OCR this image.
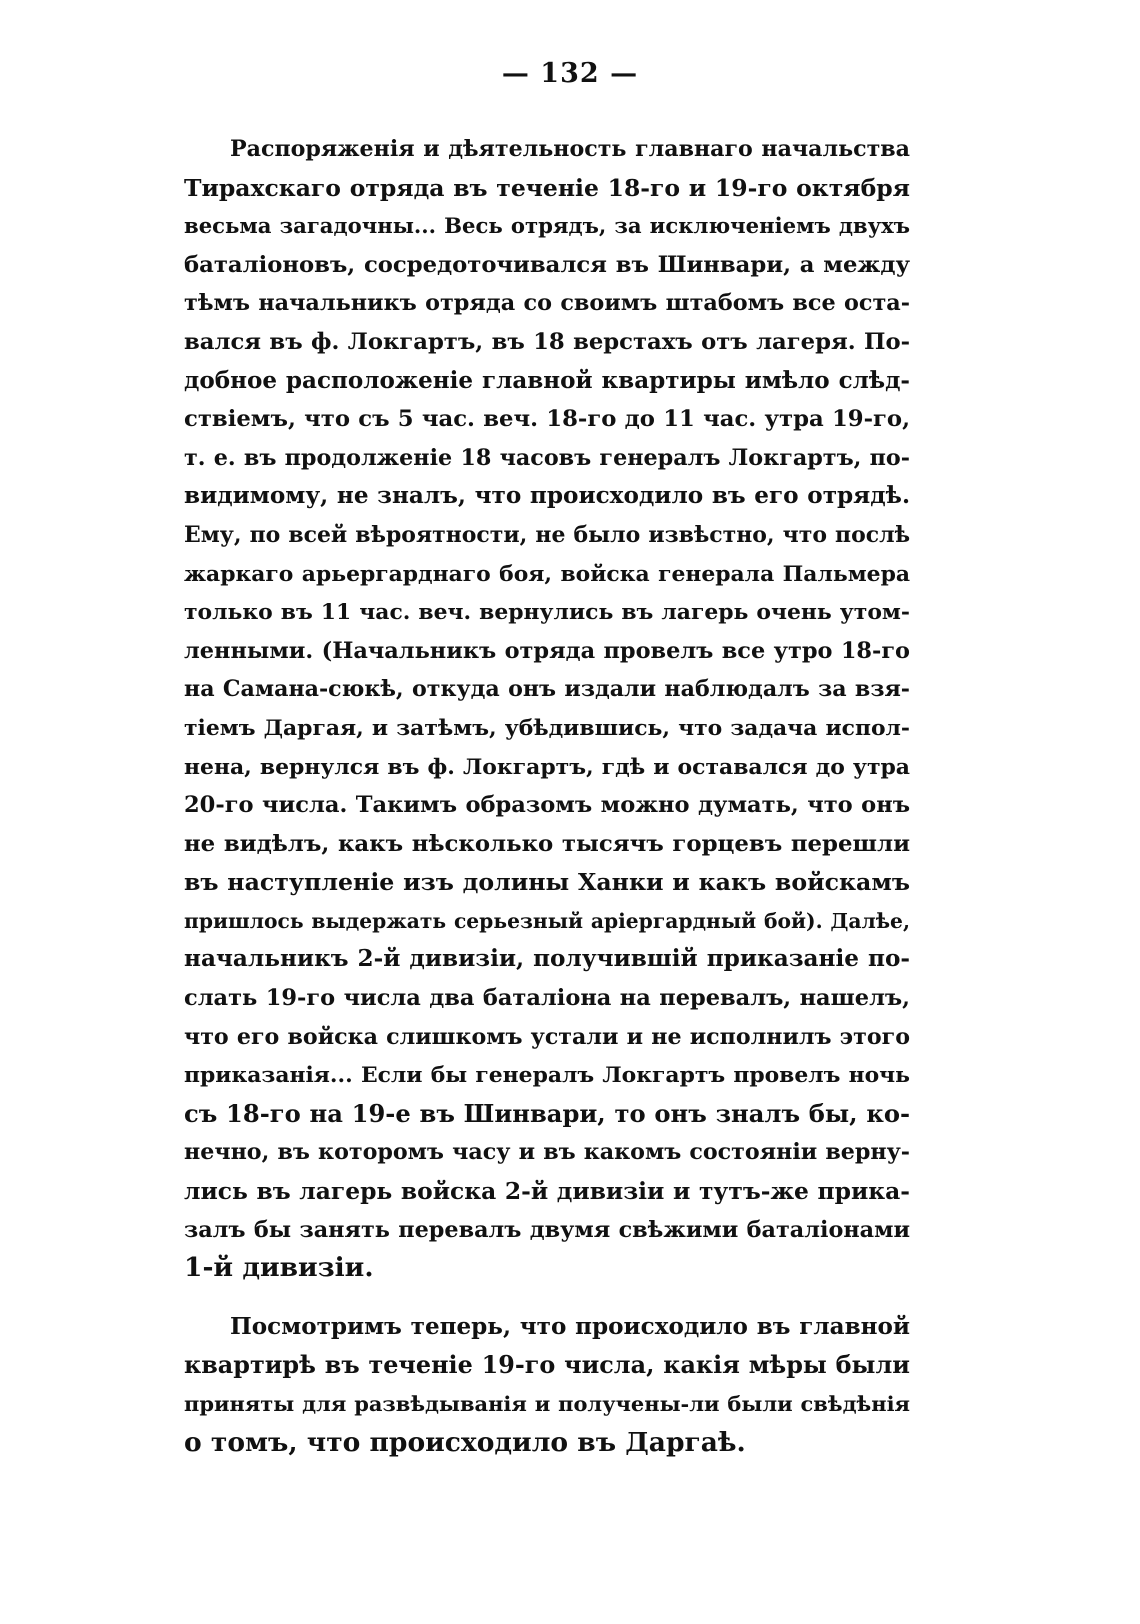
— 132 —

Распоряженія и дѣятельность главнаго начальства
Тирахскаго отряда въ теченіе 18-го и 19-го октября
весьма загадочны... Весь отрядъ, за исключеніемъ двухъ
баталіоновъ, сосредоточивался въ Шинвари, а между
тѣмъ начальникъ отряда со своимъ штабомъ все оста-
вался въ ф. Локгартъ, въ 18 верстахъ отъ лагеря. По-
добное расположеніе главной квартиры имѣло слѣд-
ствіемъ, что съ 5 час. веч. 18-го до 11 час. утра 19-го,
т. е. въ продолженіе 18 часовъ генералъ Локгартъ, по-
видимому, не зналъ, что происходило въ его отрядѣ.
Ему, по всей вѣроятности, не было извѣстно, что послѣ
жаркаго арьергарднаго боя, войска генерала Пальмера
только въ 11 час. веч. вернулись въ лагерь очень утом-
ленными. (Начальникъ отряда провелъ все утро 18-го
на Самана-сюкѣ, откуда онъ издали наблюдалъ за взя-
тіемъ Даргая, и затѣмъ, убѣдившись, что задача испол-
нена, вернулся въ ф. Локгартъ, гдѣ и оставался до утра
20-го числа. Такимъ образомъ можно думать, что онъ
не видѣлъ, какъ нѣсколько тысячъ горцевъ перешли
въ наступленіе изъ долины Ханки и какъ войскамъ
пришлось выдержать серьезный аріергардный бой). Далѣе,
начальникъ 2-й дивизіи, получившій приказаніе по-
слать 19-го числа два баталіона на перевалъ, нашелъ,
что его войска слишкомъ устали и не исполнилъ этого
приказанія... Если бы генералъ Локгартъ провелъ ночь
съ 18-го на 19-е въ Шинвари, то онъ зналъ бы, ко-
нечно, въ которомъ часу и въ какомъ состояніи верну-
лись въ лагерь войска 2-й дивизіи и тутъ-же прика-
залъ бы занять перевалъ двумя свѣжими баталіонами
1-й дивизіи.

Посмотримъ теперь, что происходило въ главной
квартирѣ въ теченіе 19-го числа, какія мѣры были
приняты для развѣдыванія и получены-ли были свѣдѣнія
о томъ, что происходило въ Даргаѣ.
